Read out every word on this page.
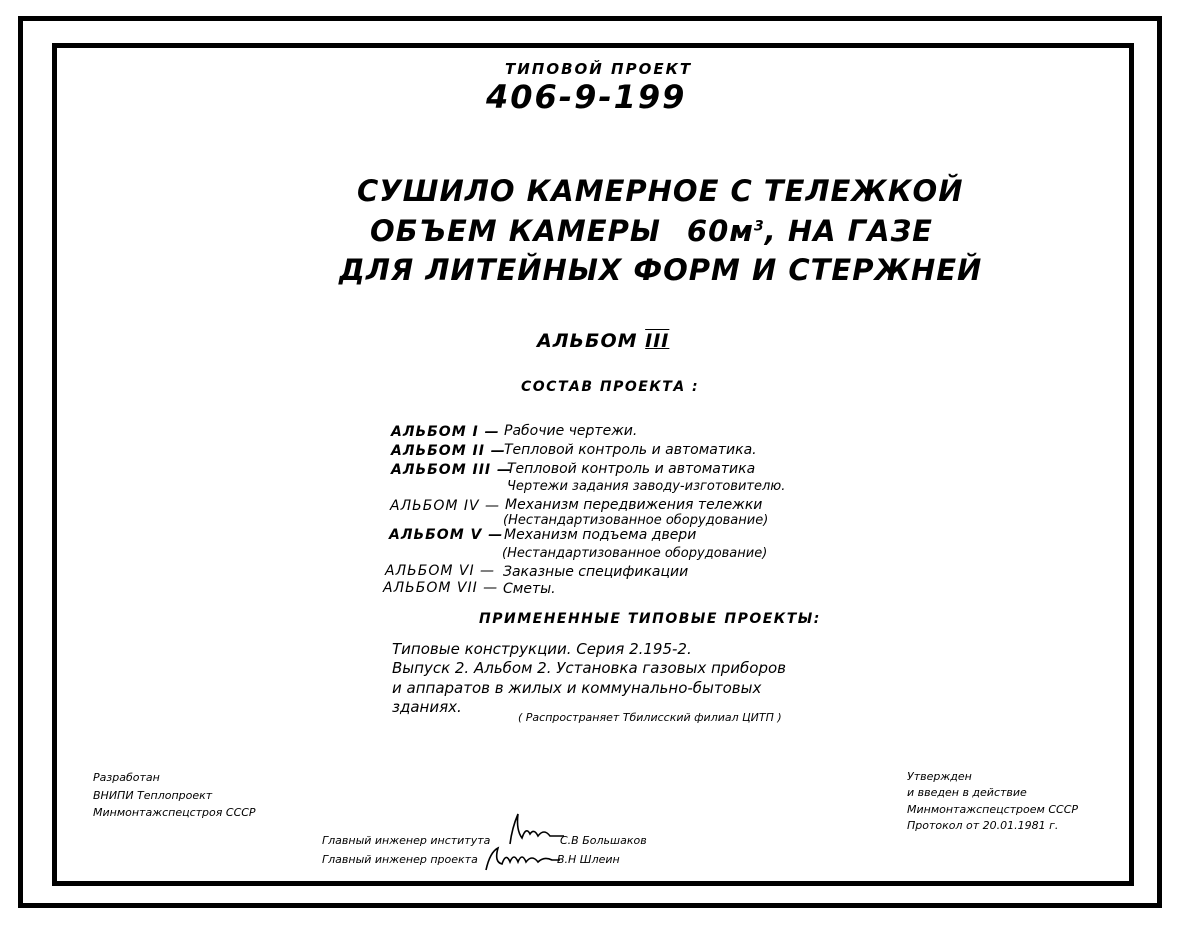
ТИПОВОЙ ПРОЕКТ
406-9-199
СУШИЛО КАМЕРНОЕ С ТЕЛЕЖКОЙ
ОБЪЕМ КАМЕРЫ $60м^3$, НА ГАЗЕ
ДЛЯ ЛИТЕЙНЫХ ФОРМ И СТЕРЖНЕЙ
АЛЬБОМ III
СОСТАВ ПРОЕКТА :
АЛЬБОМ I — Рабочие чертежи.
АЛЬБОМ II —
Тепловой контроль и автоматика.
АЛЬБОМ III —
Тепловой контроль и автоматика
Чертежи задания заводу-изготовителю.
АЛЬБОМ IV — Механизм передвижения тележки
(Нестандартизованное оборудование)
АЛЬБОМ V — Механизм подъема двери
(Нестандартизованное оборудование)
АЛЬБОМ VI — Заказные спецификации
АЛЬБОМ VII — Сметы.
ПРИМЕНЕННЫЕ ТИПОВЫЕ ПРОЕКТЫ:
Типовые конструкции. Серия 2.195-2.
Выпуск 2. Альбом 2. Установка газовых приборов
и аппаратов в жилых и коммунально-бытовых
зданиях.
( Распространяет Тбилисский филиал ЦИТП )
Разработан
ВНИПИ Теплопроект
Минмонтажспецстроя СССР
Утвержден
и введен в действие
Минмонтажспецстроем СССР
Протокол от 20.01.1981 г.
Главный инженер института	С.В Большаков
Главный инженер проекта	В.Н Шлеин
